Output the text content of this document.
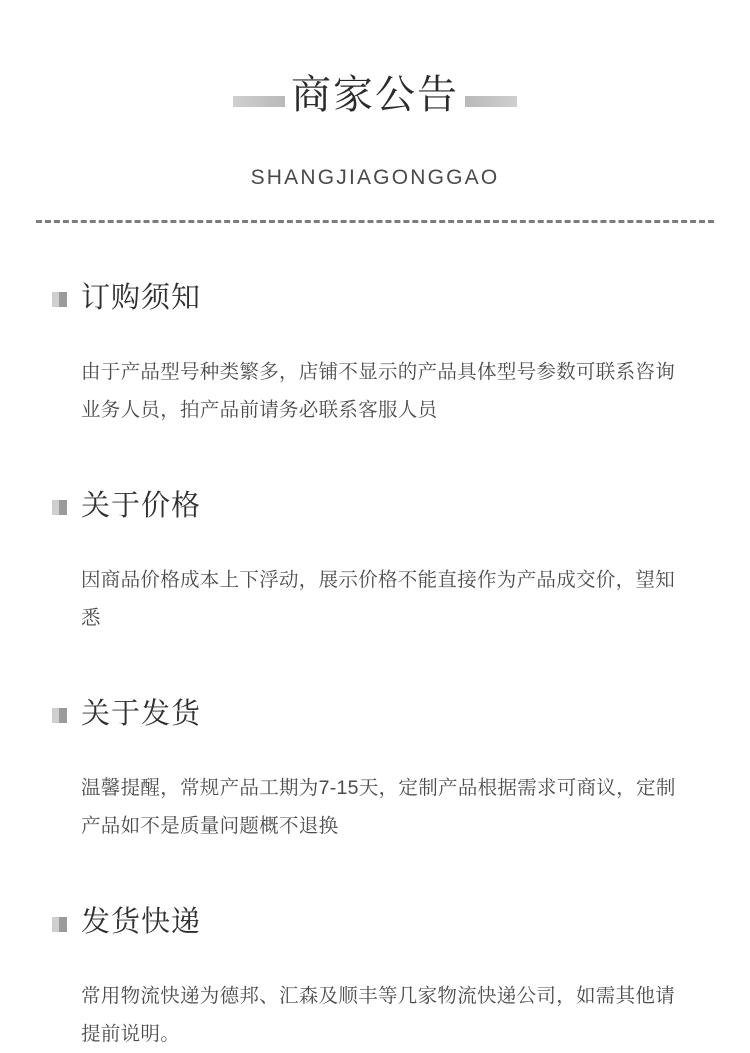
商家公告
SHANGJIAGONGGAO
订购须知

由于产品型号种类繁多，店铺不显示的产品具体型号参数可联系咨询业务人员，拍产品前请务必联系客服人员

关于价格

因商品价格成本上下浮动，展示价格不能直接作为产品成交价，望知悉

关于发货

温馨提醒，常规产品工期为7-15天，定制产品根据需求可商议，定制产品如不是质量问题概不退换

发货快递

常用物流快递为德邦、汇森及顺丰等几家物流快递公司，如需其他请提前说明。
